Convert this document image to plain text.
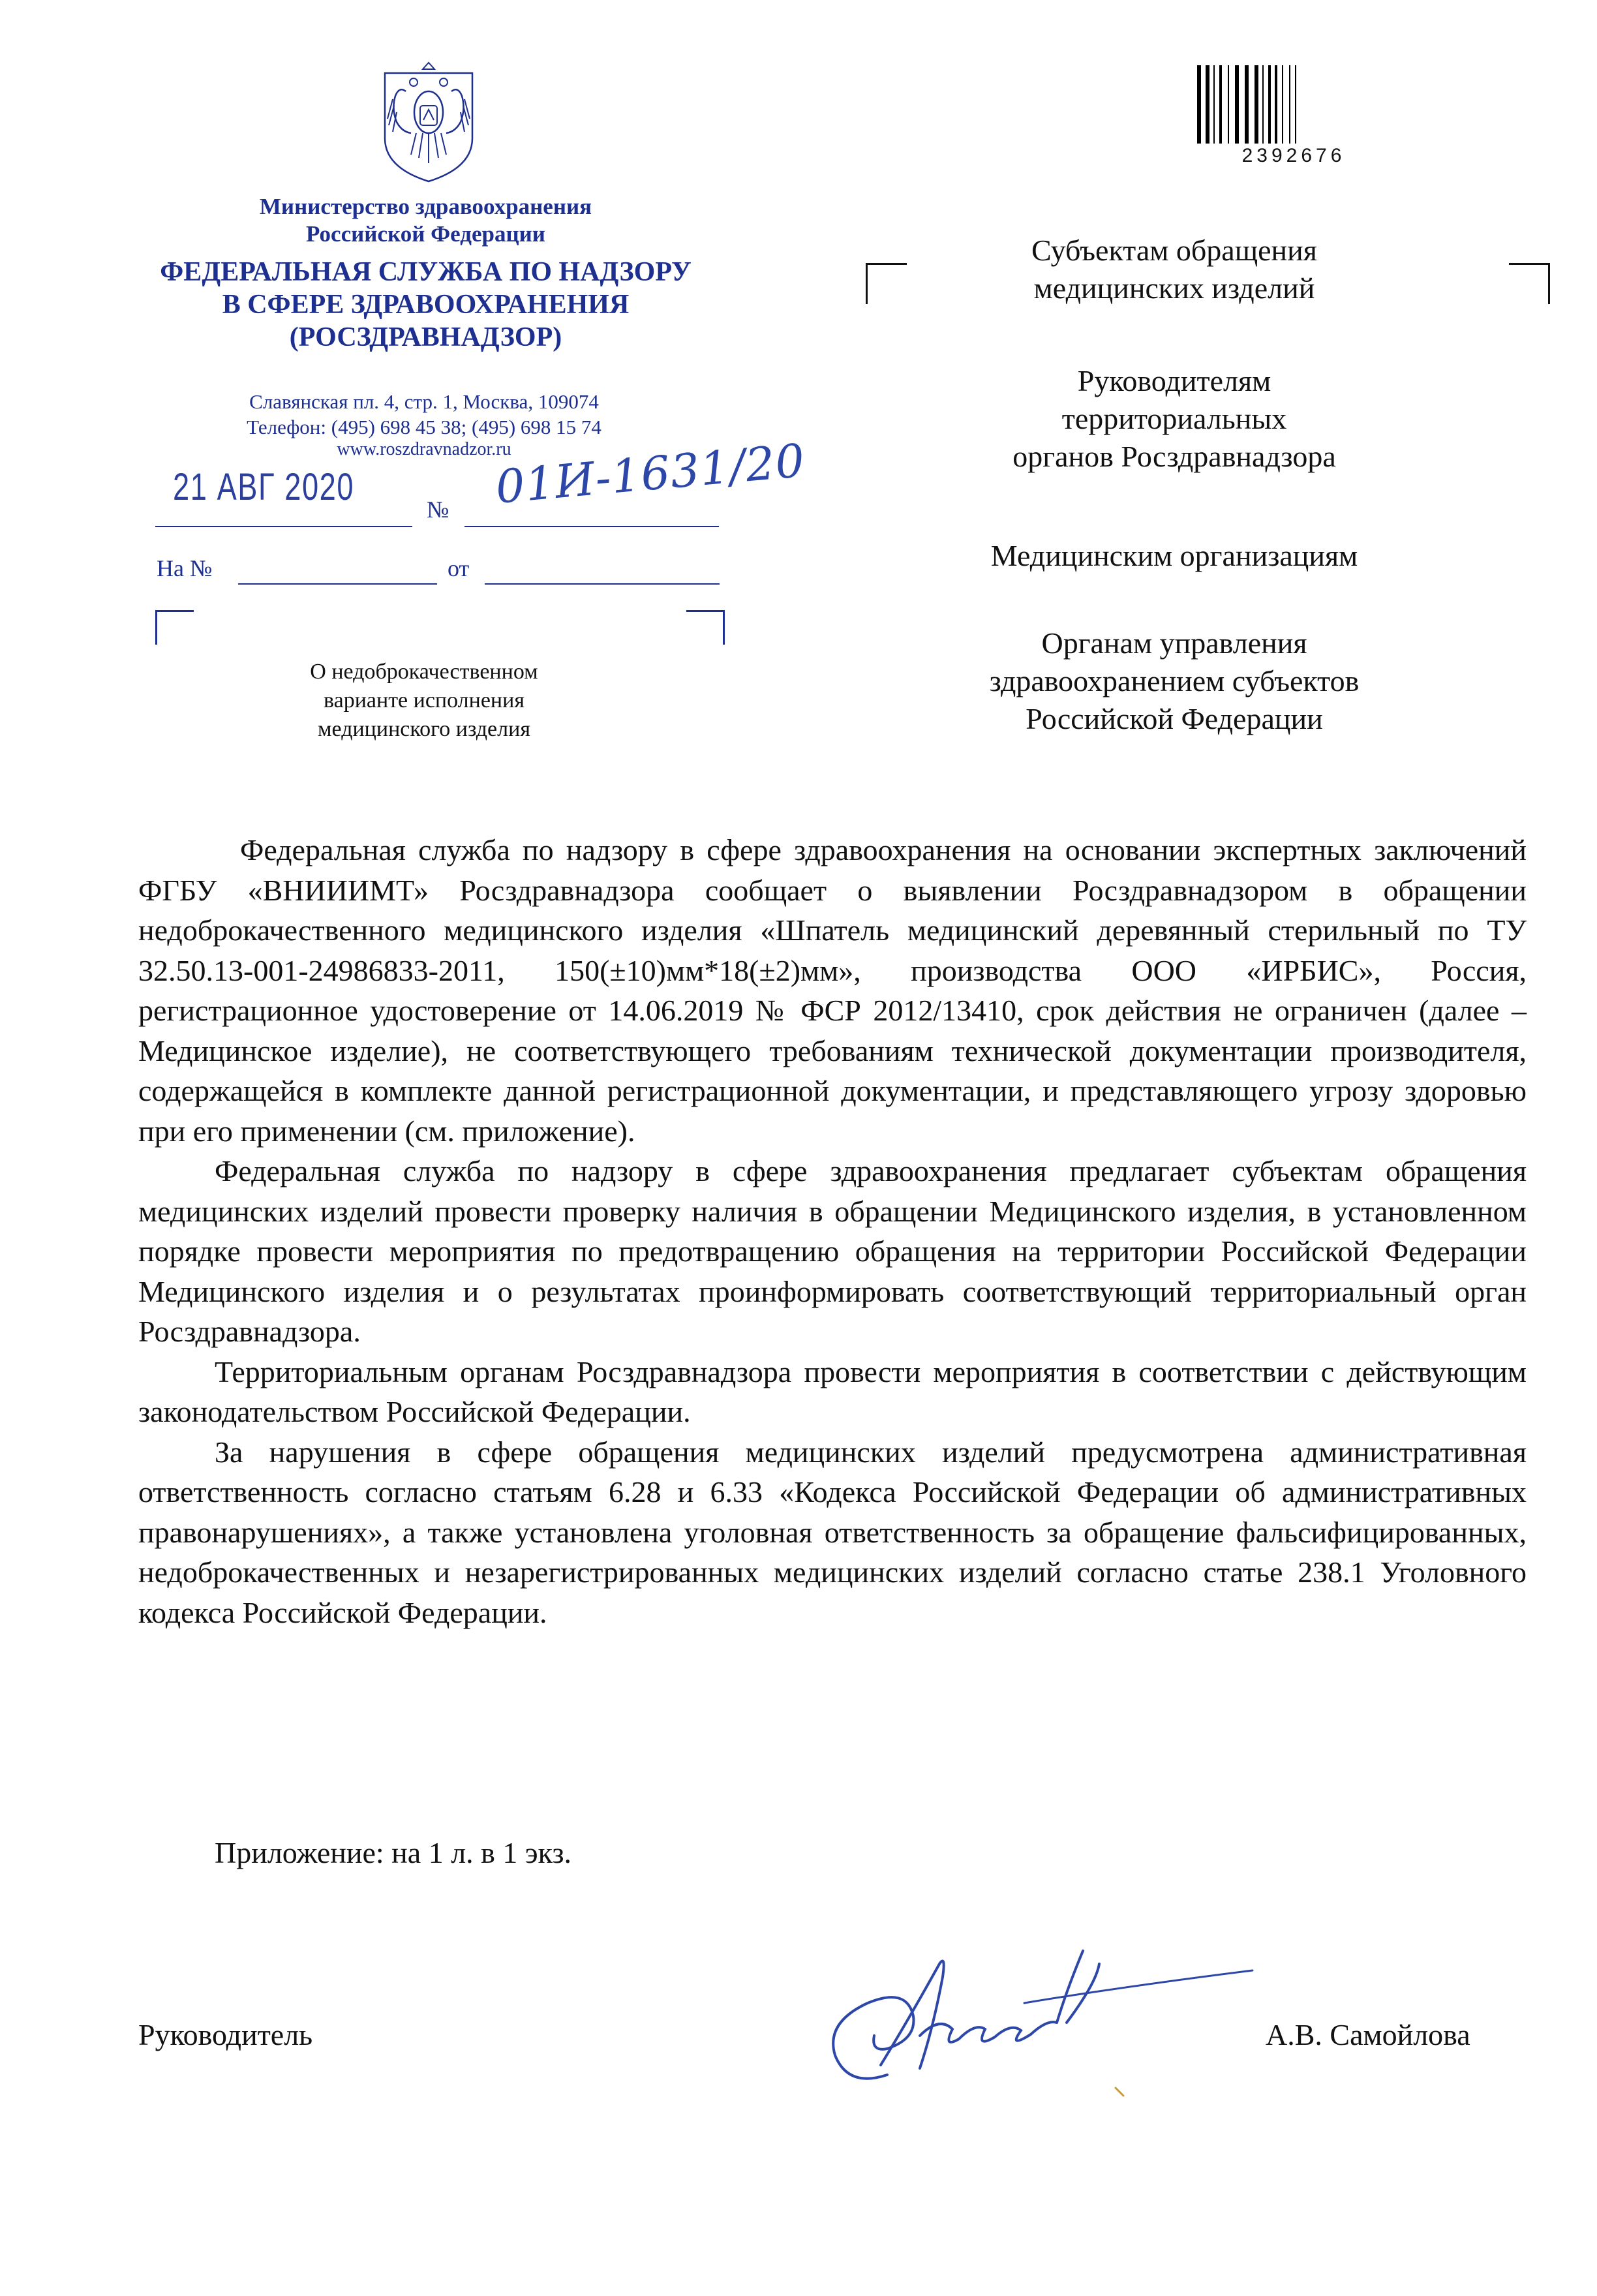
Министерство здравоохранения
Российской Федерации
ФЕДЕРАЛЬНАЯ СЛУЖБА ПО НАДЗОРУ
В СФЕРЕ ЗДРАВООХРАНЕНИЯ
(РОСЗДРАВНАДЗОР)
Славянская пл. 4, стр. 1, Москва, 109074
Телефон: (495) 698 45 38; (495) 698 15 74
www.roszdravnadzor.ru
21 АВГ 2020
№ 01И-1631/20
На №	от
О недоброкачественном
варианте исполнения
медицинского изделия
2392676
Субъектам обращения
медицинских изделий
Руководителям
территориальных
органов Росздравнадзора
Медицинским организациям
Органам управления
здравоохранением субъектов
Российской Федерации

Федеральная служба по надзору в сфере здравоохранения на основании экспертных заключений ФГБУ «ВНИИИМТ» Росздравнадзора сообщает о выявлении Росздравнадзором в обращении недоброкачественного медицинского изделия «Шпатель медицинский деревянный стерильный по ТУ 32.50.13-001-24986833-2011, 150(±10)мм*18(±2)мм», производства ООО «ИРБИС», Россия, регистрационное удостоверение от 14.06.2019 № ФСР 2012/13410, срок действия не ограничен (далее – Медицинское изделие), не соответствующего требованиям технической документации производителя, содержащейся в комплекте данной регистрационной документации, и представляющего угрозу здоровью при его применении (см. приложение).

Федеральная служба по надзору в сфере здравоохранения предлагает субъектам обращения медицинских изделий провести проверку наличия в обращении Медицинского изделия, в установленном порядке провести мероприятия по предотвращению обращения на территории Российской Федерации Медицинского изделия и о результатах проинформировать соответствующий территориальный орган Росздравнадзора.

Территориальным органам Росздравнадзора провести мероприятия в соответствии с действующим законодательством Российской Федерации.

За нарушения в сфере обращения медицинских изделий предусмотрена административная ответственность согласно статьям 6.28 и 6.33 «Кодекса Российской Федерации об административных правонарушениях», а также установлена уголовная ответственность за обращение фальсифицированных, недоброкачественных и незарегистрированных медицинских изделий согласно статье 238.1 Уголовного кодекса Российской Федерации.

Приложение: на 1 л. в 1 экз.
Руководитель	А.В. Самойлова
